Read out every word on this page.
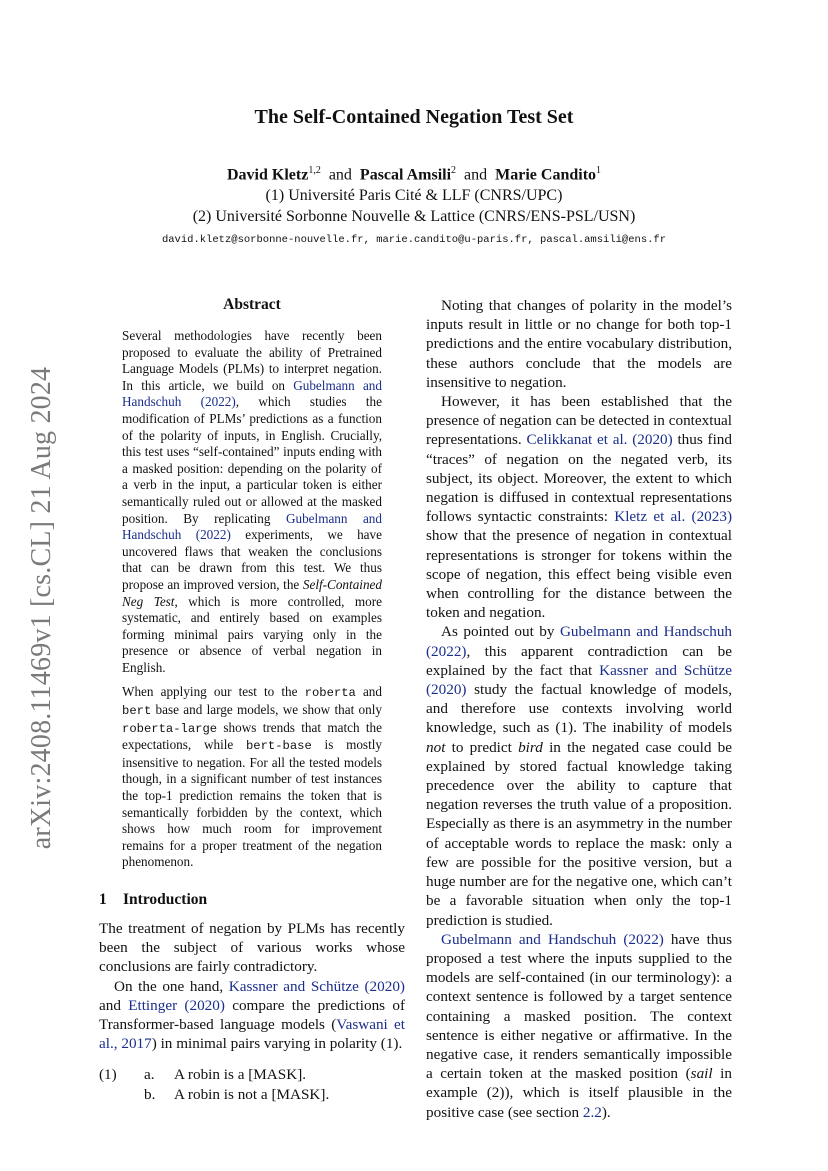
arXiv:2408.11469v1 [cs.CL] 21 Aug 2024
The Self-Contained Negation Test Set
David Kletz$^{1,2}$ and Pascal Amsili$^2$ and Marie Candito$^1$
(1) Université Paris Cité & LLF (CNRS/UPC)
(2) Université Sorbonne Nouvelle & Lattice (CNRS/ENS-PSL/USN)
david.kletz@sorbonne-nouvelle.fr, marie.candito@u-paris.fr, pascal.amsili@ens.fr
Abstract

Several methodologies have recently been proposed to evaluate the ability of Pretrained Language Models (PLMs) to interpret negation. In this article, we build on Gubelmann and Handschuh (2022), which studies the modification of PLMs’ predictions as a function of the polarity of inputs, in English. Crucially, this test uses “self-contained” inputs ending with a masked position: depending on the polarity of a verb in the input, a particular token is either semantically ruled out or allowed at the masked position. By replicating Gubelmann and Handschuh (2022) experiments, we have uncovered flaws that weaken the conclusions that can be drawn from this test. We thus propose an improved version, the Self-Contained Neg Test, which is more controlled, more systematic, and entirely based on examples forming minimal pairs varying only in the presence or absence of verbal negation in English.

When applying our test to the roberta and bert base and large models, we show that only roberta-large shows trends that match the expectations, while bert-base is mostly insensitive to negation. For all the tested models though, in a significant number of test instances the top-1 prediction remains the token that is semantically forbidden by the context, which shows how much room for improvement remains for a proper treatment of the negation phenomenon.

1 Introduction

The treatment of negation by PLMs has recently been the subject of various works whose conclusions are fairly contradictory.

On the one hand, Kassner and Schütze (2020) and Ettinger (2020) compare the predictions of Transformer-based language models (Vaswani et al., 2017) in minimal pairs varying in polarity (1).

(1)	a.	A robin is a [MASK].
b.	A robin is not a [MASK].

Noting that changes of polarity in the model’s inputs result in little or no change for both top-1 predictions and the entire vocabulary distribution, these authors conclude that the models are insensitive to negation.

However, it has been established that the presence of negation can be detected in contextual representations. Celikkanat et al. (2020) thus find “traces” of negation on the negated verb, its subject, its object. Moreover, the extent to which negation is diffused in contextual representations follows syntactic constraints: Kletz et al. (2023) show that the presence of negation in contextual representations is stronger for tokens within the scope of negation, this effect being visible even when controlling for the distance between the token and negation.

As pointed out by Gubelmann and Handschuh (2022), this apparent contradiction can be explained by the fact that Kassner and Schütze (2020) study the factual knowledge of models, and therefore use contexts involving world knowledge, such as (1). The inability of models not to predict bird in the negated case could be explained by stored factual knowledge taking precedence over the ability to capture that negation reverses the truth value of a proposition. Especially as there is an asymmetry in the number of acceptable words to replace the mask: only a few are possible for the positive version, but a huge number are for the negative one, which can’t be a favorable situation when only the top-1 prediction is studied.

Gubelmann and Handschuh (2022) have thus proposed a test where the inputs supplied to the models are self-contained (in our terminology): a context sentence is followed by a target sentence containing a masked position. The context sentence is either negative or affirmative. In the negative case, it renders semantically impossible a certain token at the masked position (sail in example (2)), which is itself plausible in the positive case (see section 2.2).
